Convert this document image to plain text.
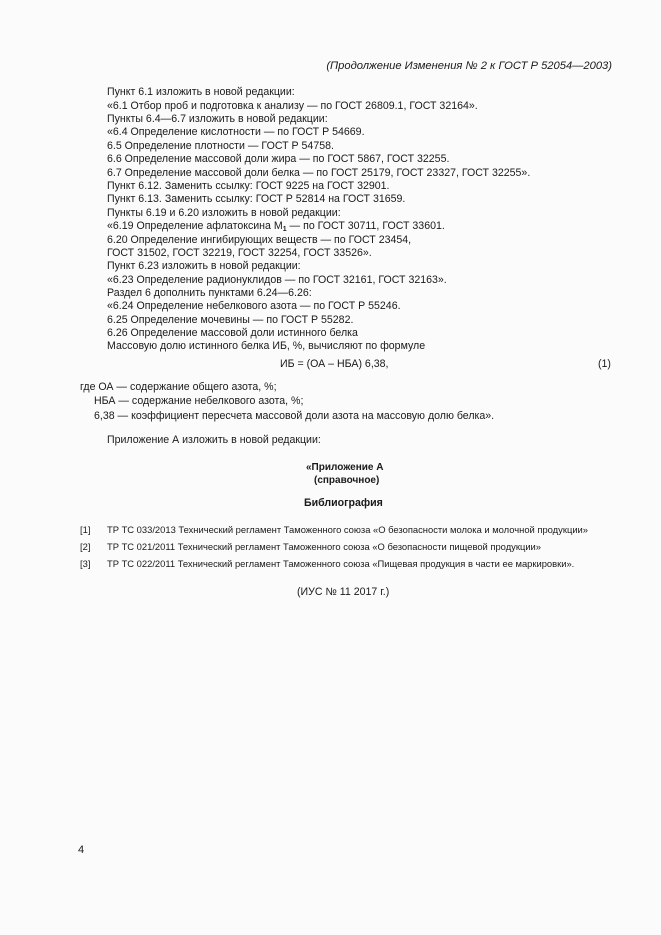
(Продолжение Изменения № 2 к ГОСТ Р 52054—2003)
Пункт 6.1 изложить в новой редакции:
«6.1 Отбор проб и подготовка к анализу — по ГОСТ 26809.1, ГОСТ 32164».
Пункты 6.4—6.7 изложить в новой редакции:
«6.4 Определение кислотности — по ГОСТ Р 54669.
6.5 Определение плотности — ГОСТ Р 54758.
6.6 Определение массовой доли жира — по ГОСТ 5867, ГОСТ 32255.
6.7 Определение массовой доли белка — по ГОСТ 25179, ГОСТ 23327, ГОСТ 32255».
Пункт 6.12. Заменить ссылку: ГОСТ 9225 на ГОСТ 32901.
Пункт 6.13. Заменить ссылку: ГОСТ Р 52814 на ГОСТ 31659.
Пункты 6.19 и 6.20 изложить в новой редакции:
«6.19 Определение афлатоксина $М_1$ — по ГОСТ 30711, ГОСТ 33601.
6.20 Определение ингибирующих веществ — по ГОСТ 23454,
ГОСТ 31502, ГОСТ 32219, ГОСТ 32254, ГОСТ 33526».
Пункт 6.23 изложить в новой редакции:
«6.23 Определение радионуклидов — по ГОСТ 32161, ГОСТ 32163».
Раздел 6 дополнить пунктами 6.24—6.26:
«6.24 Определение небелкового азота — по ГОСТ Р 55246.
6.25 Определение мочевины — по ГОСТ Р 55282.
6.26 Определение массовой доли истинного белка
Массовую долю истинного белка ИБ, %, вычисляют по формуле
ИБ = (ОА – НБА) 6,38,	(1)
где ОА — содержание общего азота, %;
НБА — содержание небелкового азота, %;
6,38 — коэффициент пересчета массовой доли азота на массовую долю белка».
Приложение А изложить в новой редакции:
«Приложение А
(справочное)
Библиография
[1] ТР ТС 033/2013 Технический регламент Таможенного союза «О безопасности молока и молочной продукции»
[2] ТР ТС 021/2011 Технический регламент Таможенного союза «О безопасности пищевой продукции»
[3] ТР ТС 022/2011 Технический регламент Таможенного союза «Пищевая продукция в части ее маркировки».
(ИУС № 11 2017 г.)
4
